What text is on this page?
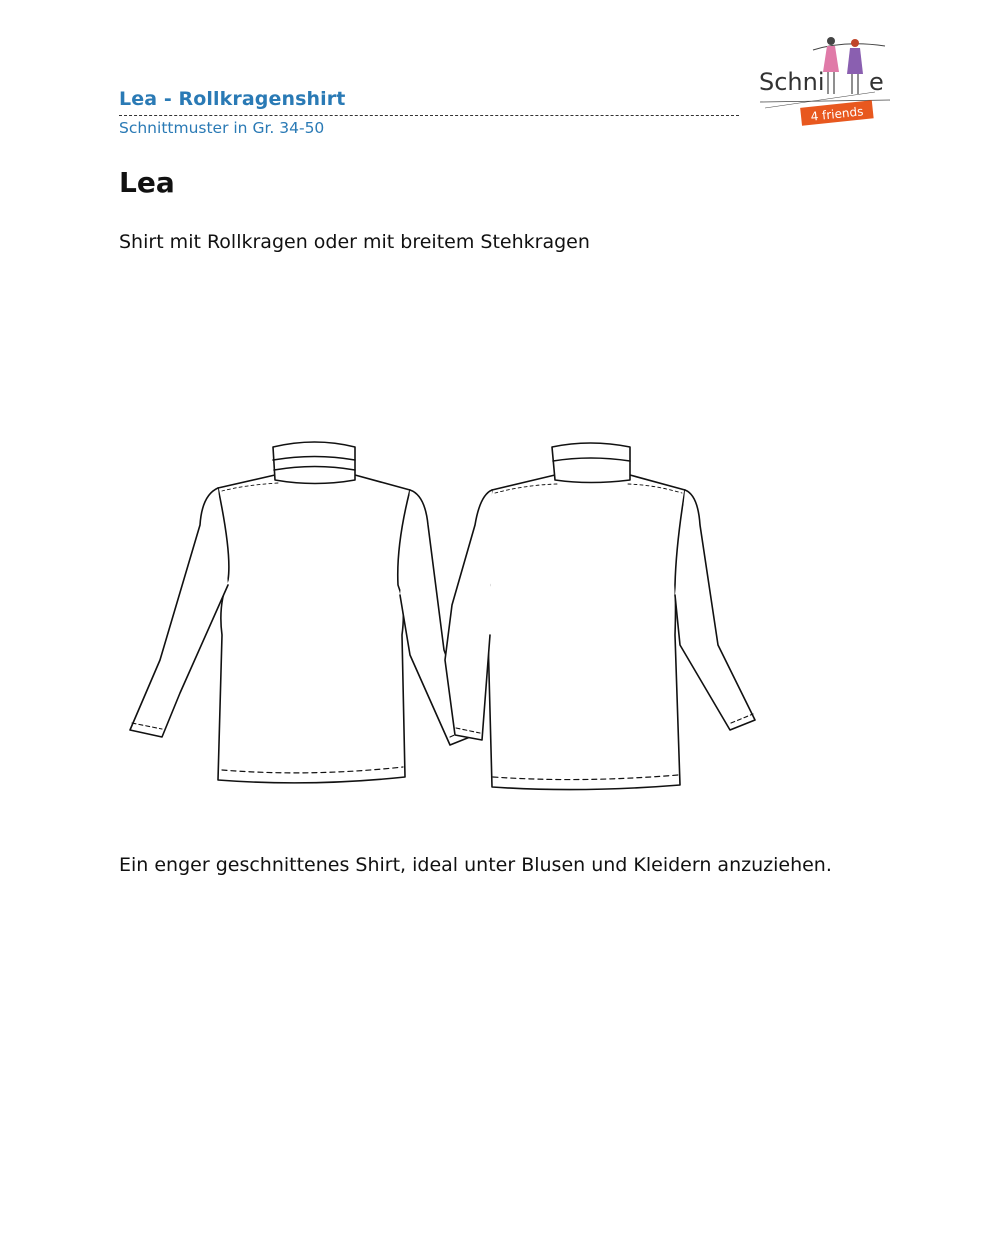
Lea - Rollkragenshirt
Schnittmuster in Gr. 34-50
Schni e
4 friends
Lea
Shirt mit Rollkragen oder mit breitem Stehkragen
Ein enger geschnittenes Shirt, ideal unter Blusen und Kleidern anzuziehen.
